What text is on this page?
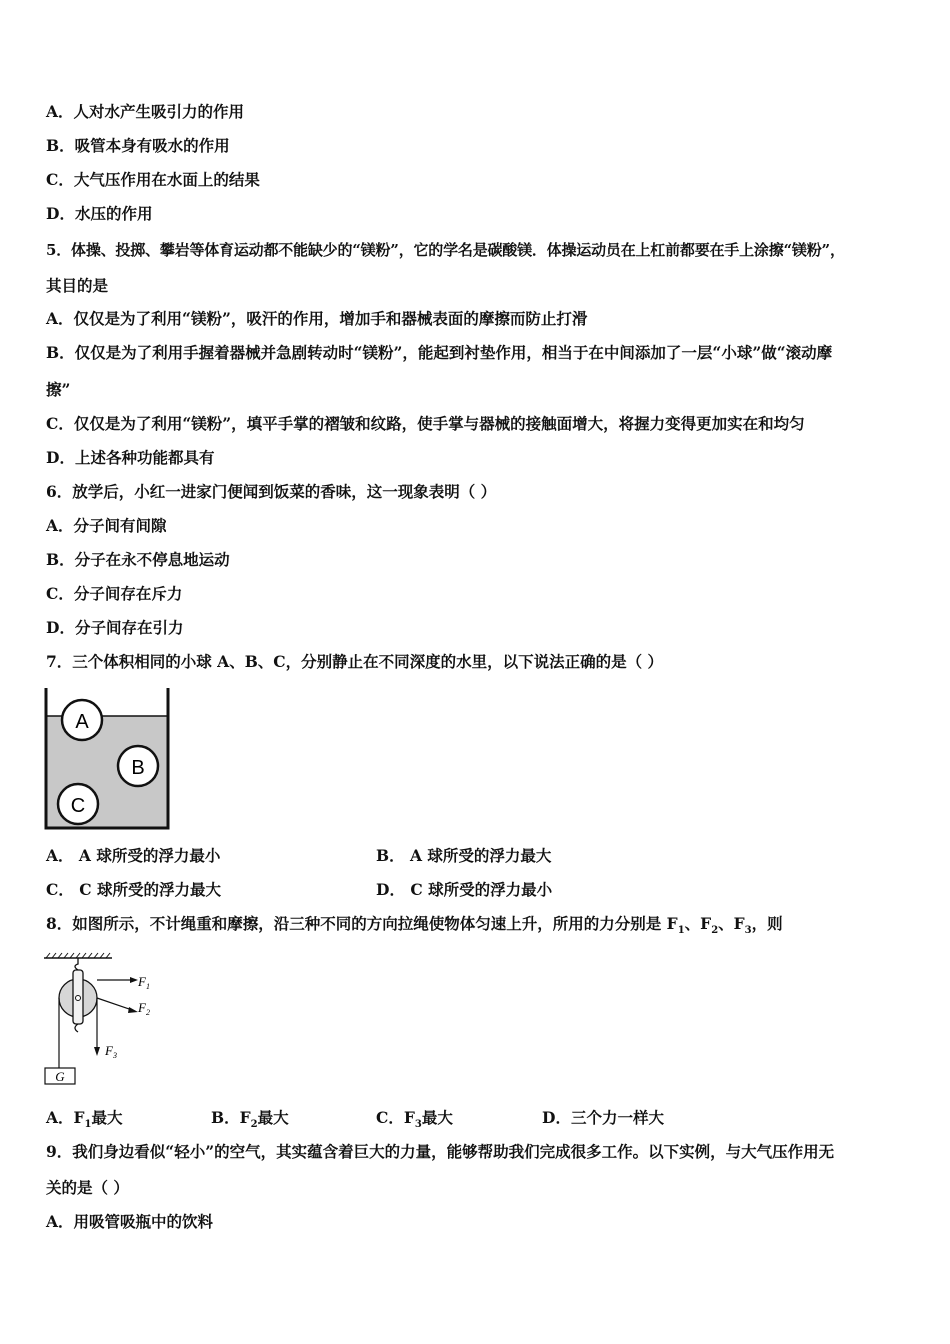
A．人对水产生吸引力的作用
B．吸管本身有吸水的作用
C．大气压作用在水面上的结果
D．水压的作用
5．体操、投掷、攀岩等体育运动都不能缺少的“镁粉”，它的学名是碳酸镁．体操运动员在上杠前都要在手上涂擦“镁粉”，
其目的是
A．仅仅是为了利用“镁粉”，吸汗的作用，增加手和器械表面的摩擦而防止打滑
B．仅仅是为了利用手握着器械并急剧转动时“镁粉”，能起到衬垫作用，相当于在中间添加了一层“小球”做“滚动摩
擦”
C．仅仅是为了利用“镁粉”，填平手掌的褶皱和纹路，使手掌与器械的接触面增大，将握力变得更加实在和均匀
D．上述各种功能都具有
6．放学后，小红一进家门便闻到饭菜的香味，这一现象表明（ ）
A．分子间有间隙
B．分子在永不停息地运动
C．分子间存在斥力
D．分子间存在引力
7．三个体积相同的小球 A、B、C，分别静止在不同深度的水里，以下说法正确的是（ ）
A
B
C
A． A 球所受的浮力最小	B． A 球所受的浮力最大
C． C 球所受的浮力最大	D． C 球所受的浮力最小
8．如图所示，不计绳重和摩擦，沿三种不同的方向拉绳使物体匀速上升，所用的力分别是 $F_1$、$F_2$、$F_3$，则
G
$F_1$
$F_2$
$F_3$
A．$F_1$最大	B．$F_2$最大	C．$F_3$最大	D．三个力一样大
9．我们身边看似“轻小”的空气，其实蕴含着巨大的力量，能够帮助我们完成很多工作。以下实例，与大气压作用无
关的是（ ）
A．用吸管吸瓶中的饮料
